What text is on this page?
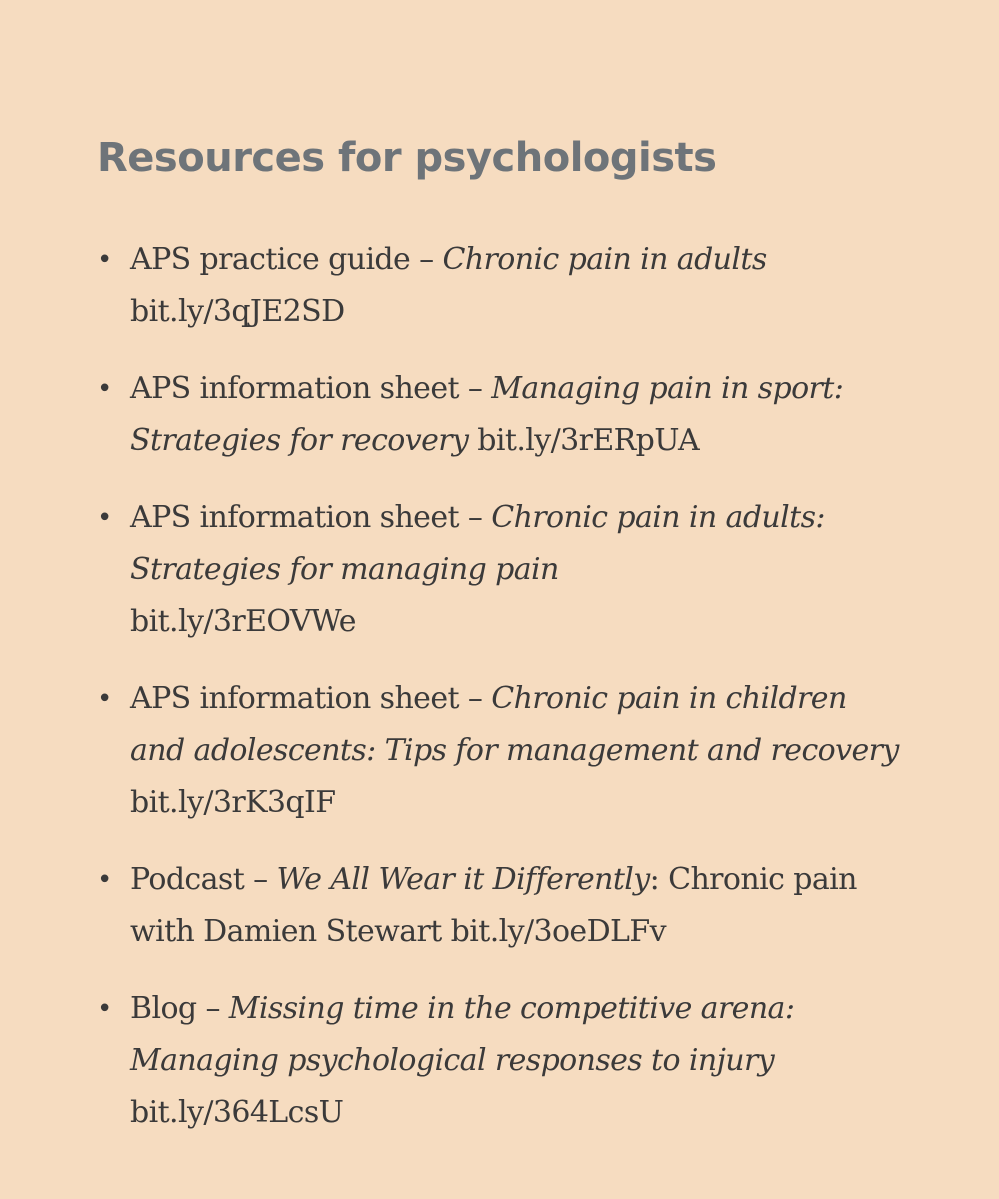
Resources for psychologists
• APS practice guide – Chronic pain in adults
bit.ly/3qJE2SD
• APS information sheet – Managing pain in sport: Strategies for recovery bit.ly/3rERpUA
• APS information sheet – Chronic pain in adults: Strategies for managing pain
bit.ly/3rEOVWe
• APS information sheet – Chronic pain in children and adolescents: Tips for management and recovery bit.ly/3rK3qIF
• Podcast – We All Wear it Differently: Chronic pain with Damien Stewart bit.ly/3oeDLFv
• Blog – Missing time in the competitive arena: Managing psychological responses to injury
bit.ly/364LcsU
